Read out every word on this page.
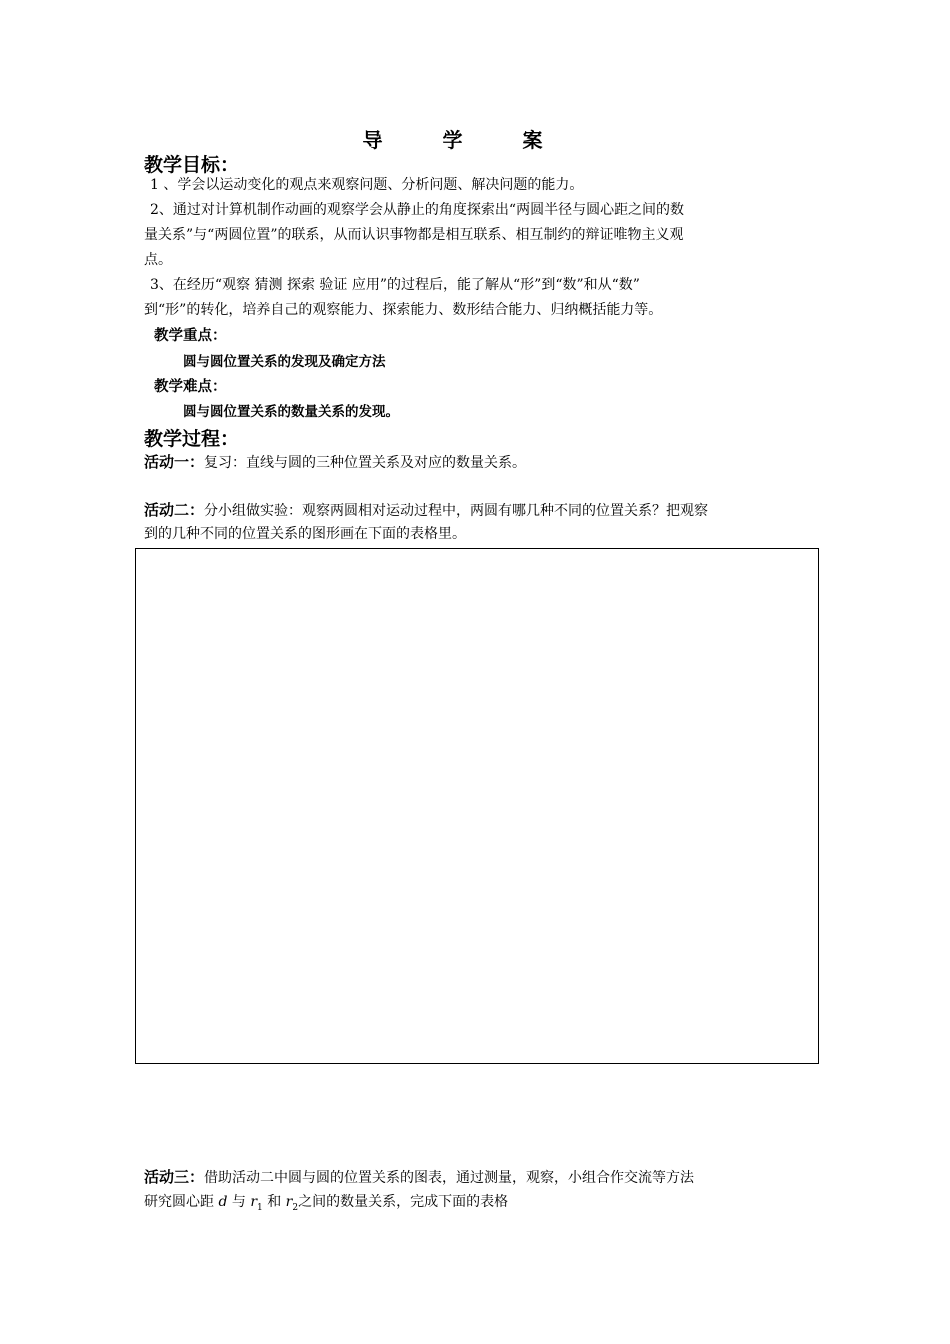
导	学	案
教学目标：
1 、学会以运动变化的观点来观察问题、分析问题、解决问题的能力。
2、通过对计算机制作动画的观察学会从静止的角度探索出“两圆半径与圆心距之间的数
量关系”与“两圆位置”的联系，从而认识事物都是相互联系、相互制约的辩证唯物主义观
点。
3、在经历“观察 猜测 探索 验证 应用”的过程后，能了解从“形”到“数”和从“数”
到“形”的转化，培养自己的观察能力、探索能力、数形结合能力、归纳概括能力等。
教学重点：
圆与圆位置关系的发现及确定方法
教学难点：
圆与圆位置关系的数量关系的发现。
教学过程：
活动一：复习：直线与圆的三种位置关系及对应的数量关系。
活动二：分小组做实验：观察两圆相对运动过程中，两圆有哪几种不同的位置关系？把观察
到的几种不同的位置关系的图形画在下面的表格里。
活动三：借助活动二中圆与圆的位置关系的图表，通过测量，观察，小组合作交流等方法
研究圆心距 d 与 $r_1$ 和 $r_2$之间的数量关系，完成下面的表格
